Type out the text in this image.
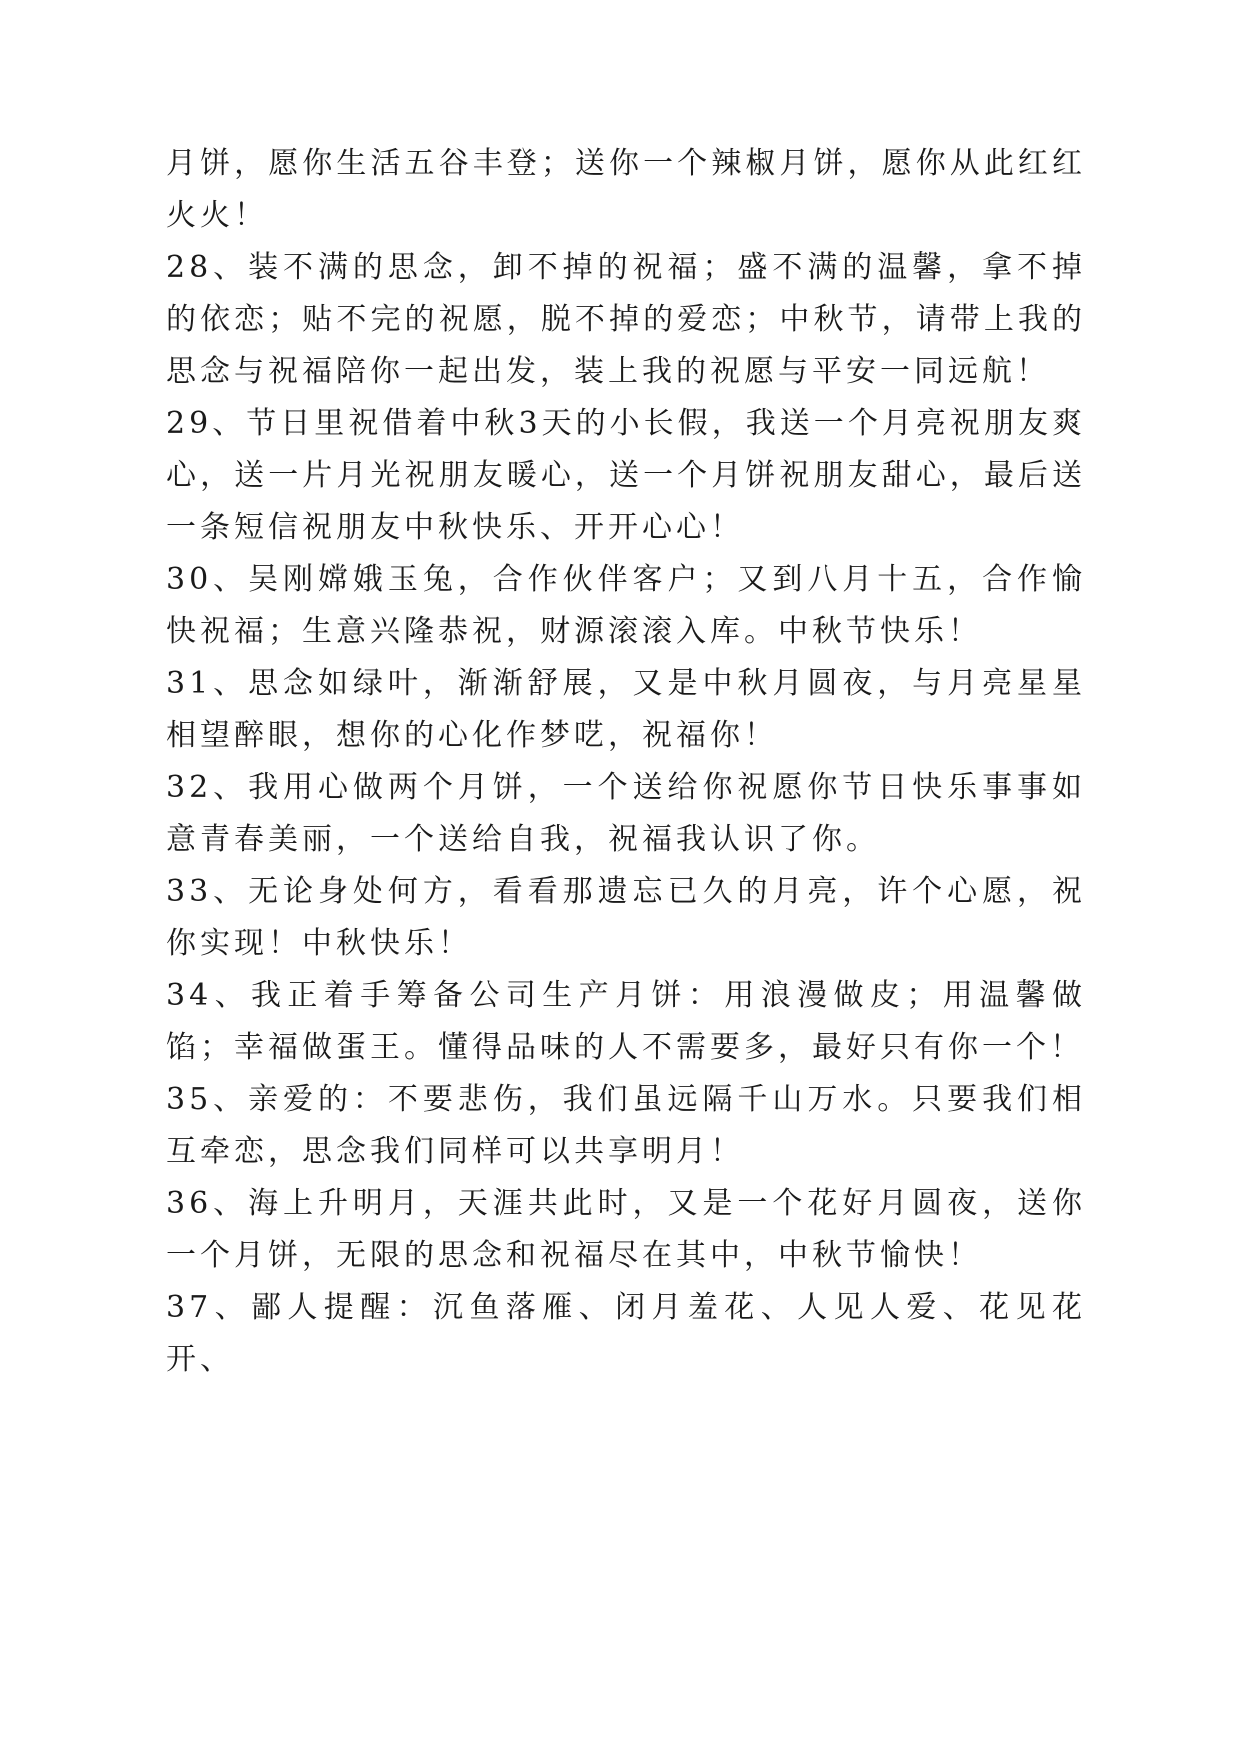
月饼，愿你生活五谷丰登；送你一个辣椒月饼，愿你从此红红火火！

28、装不满的思念，卸不掉的祝福；盛不满的温馨，拿不掉的依恋；贴不完的祝愿，脱不掉的爱恋；中秋节，请带上我的思念与祝福陪你一起出发，装上我的祝愿与平安一同远航！

29、节日里祝借着中秋3天的小长假，我送一个月亮祝朋友爽心，送一片月光祝朋友暖心，送一个月饼祝朋友甜心，最后送一条短信祝朋友中秋快乐、开开心心！

30、吴刚嫦娥玉兔，合作伙伴客户；又到八月十五，合作愉快祝福；生意兴隆恭祝，财源滚滚入库。中秋节快乐！

31、思念如绿叶，渐渐舒展，又是中秋月圆夜，与月亮星星相望醉眼，想你的心化作梦呓，祝福你！

32、我用心做两个月饼，一个送给你祝愿你节日快乐事事如意青春美丽，一个送给自我，祝福我认识了你。

33、无论身处何方，看看那遗忘已久的月亮，许个心愿，祝你实现！中秋快乐！

34、我正着手筹备公司生产月饼：用浪漫做皮；用温馨做馅；幸福做蛋王。懂得品味的人不需要多，最好只有你一个！

35、亲爱的：不要悲伤，我们虽远隔千山万水。只要我们相互牵恋，思念我们同样可以共享明月！

36、海上升明月，天涯共此时，又是一个花好月圆夜，送你一个月饼，无限的思念和祝福尽在其中，中秋节愉快！

37、鄙人提醒：沉鱼落雁、闭月羞花、人见人爱、花见花开、
